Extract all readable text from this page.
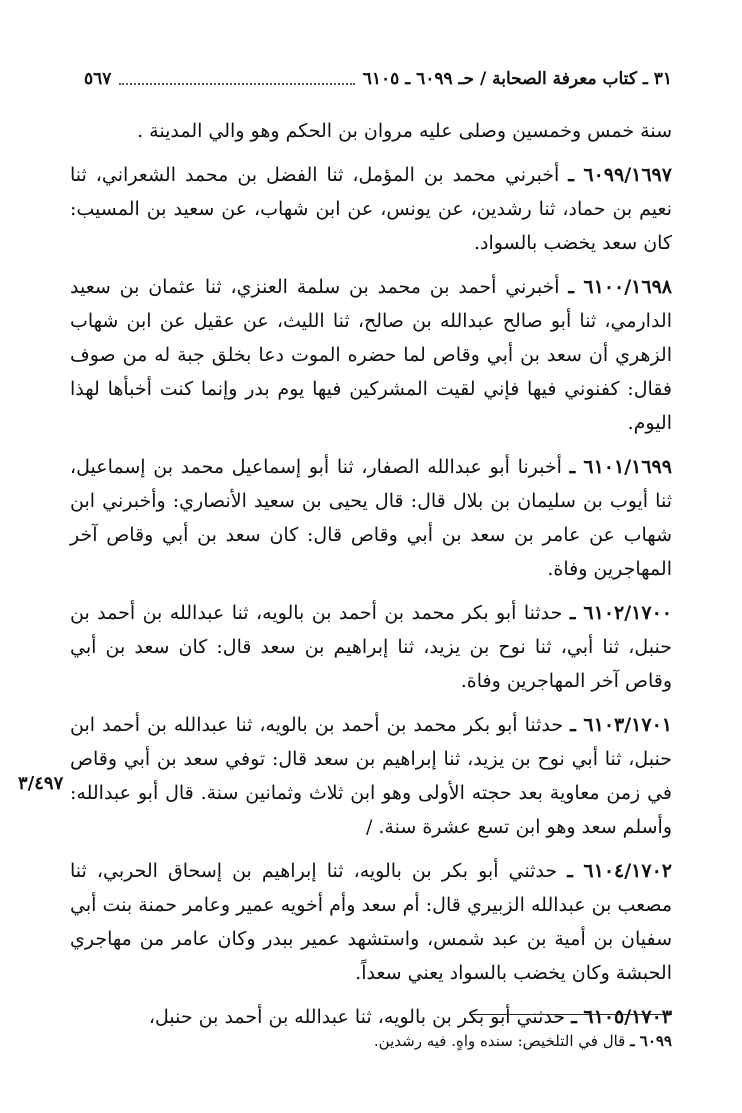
٣١ ـ كتاب معرفة الصحابة / حـ ٦٠٩٩ ـ ٦١٠٥
٥٦٧

سنة خمس وخمسين وصلى عليه مروان بن الحكم وهو والي المدينة .

٦٠٩٩/١٦٩٧ ـ أخبرني محمد بن المؤمل، ثنا الفضل بن محمد الشعراني، ثنا نعيم بن حماد، ثنا رشدين، عن يونس، عن ابن شهاب، عن سعيد بن المسيب: كان سعد يخضب بالسواد.

٦١٠٠/١٦٩٨ ـ أخبرني أحمد بن محمد بن سلمة العنزي، ثنا عثمان بن سعيد الدارمي، ثنا أبو صالح عبدالله بن صالح، ثنا الليث، عن عقيل عن ابن شهاب الزهري أن سعد بن أبي وقاص لما حضره الموت دعا بخلق جبة له من صوف فقال: كفنوني فيها فإني لقيت المشركين فيها يوم بدر وإنما كنت أخبأها لهذا اليوم.

٦١٠١/١٦٩٩ ـ أخبرنا أبو عبدالله الصفار، ثنا أبو إسماعيل محمد بن إسماعيل، ثنا أيوب بن سليمان بن بلال قال: قال يحيى بن سعيد الأنصاري: وأخبرني ابن شهاب عن عامر بن سعد بن أبي وقاص قال: كان سعد بن أبي وقاص آخر المهاجرين وفاة.

٦١٠٢/١٧٠٠ ـ حدثنا أبو بكر محمد بن أحمد بن بالويه، ثنا عبدالله بن أحمد بن حنبل، ثنا أبي، ثنا نوح بن يزيد، ثنا إبراهيم بن سعد قال: كان سعد بن أبي وقاص آخر المهاجرين وفاة.

٦١٠٣/١٧٠١ ـ حدثنا أبو بكر محمد بن أحمد بن بالويه، ثنا عبدالله بن أحمد ابن حنبل، ثنا أبي نوح بن يزيد، ثنا إبراهيم بن سعد قال: توفي سعد بن أبي وقاص في زمن معاوية بعد حجته الأولى وهو ابن ثلاث وثمانين سنة. قال أبو عبدالله: وأسلم سعد وهو ابن تسع عشرة سنة. /

٦١٠٤/١٧٠٢ ـ حدثني أبو بكر بن بالويه، ثنا إبراهيم بن إسحاق الحربي، ثنا مصعب بن عبدالله الزبيري قال: أم سعد وأم أخويه عمير وعامر حمنة بنت أبي سفيان بن أمية بن عبد شمس، واستشهد عمير ببدر وكان عامر من مهاجري الحبشة وكان يخضب بالسواد يعني سعداً.

٦١٠٥/١٧٠٣ ـ حدثني أبو بكر بن بالويه، ثنا عبدالله بن أحمد بن حنبل،

٣/٤٩٧
٦٠٩٩ ـ قال في التلخيص: سنده واهٍ. فيه رشدين.
